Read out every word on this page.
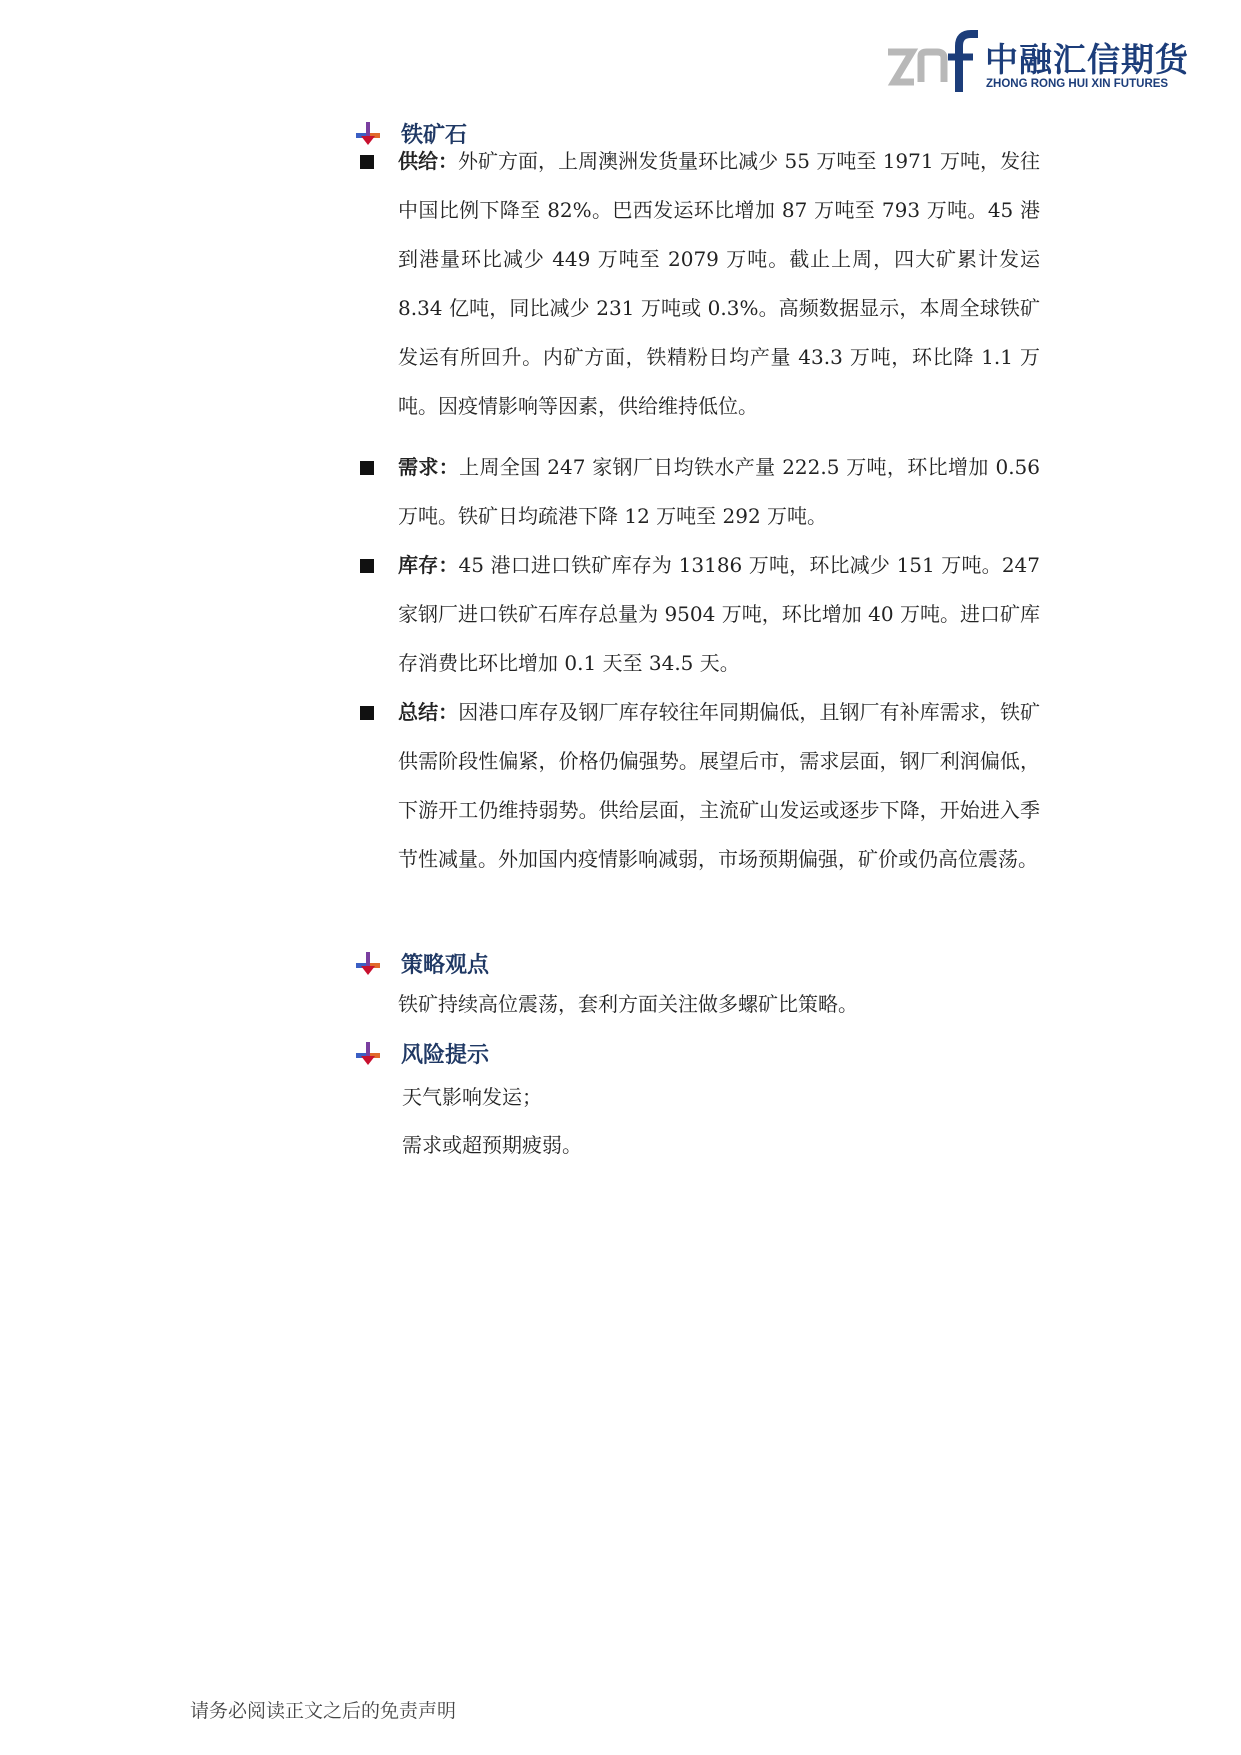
中融汇信期货
ZHONG RONG HUI XIN FUTURES
铁矿石
供给：外矿方面，上周澳洲发货量环比减少 55 万吨至 1971 万吨，发往中国比例下降至 82%。巴西发运环比增加 87 万吨至 793 万吨。45 港到港量环比减少 449 万吨至 2079 万吨。截止上周，四大矿累计发运 8.34 亿吨，同比减少 231 万吨或 0.3%。高频数据显示，本周全球铁矿发运有所回升。内矿方面，铁精粉日均产量 43.3 万吨，环比降 1.1 万吨。因疫情影响等因素，供给维持低位。
需求：上周全国 247 家钢厂日均铁水产量 222.5 万吨，环比增加 0.56 万吨。铁矿日均疏港下降 12 万吨至 292 万吨。
库存：45 港口进口铁矿库存为 13186 万吨，环比减少 151 万吨。247 家钢厂进口铁矿石库存总量为 9504 万吨，环比增加 40 万吨。进口矿库存消费比环比增加 0.1 天至 34.5 天。
总结：因港口库存及钢厂库存较往年同期偏低，且钢厂有补库需求，铁矿供需阶段性偏紧，价格仍偏强势。展望后市，需求层面，钢厂利润偏低，下游开工仍维持弱势。供给层面，主流矿山发运或逐步下降，开始进入季节性减量。外加国内疫情影响减弱，市场预期偏强，矿价或仍高位震荡。
策略观点
铁矿持续高位震荡，套利方面关注做多螺矿比策略。
风险提示
天气影响发运；
需求或超预期疲弱。
请务必阅读正文之后的免责声明
